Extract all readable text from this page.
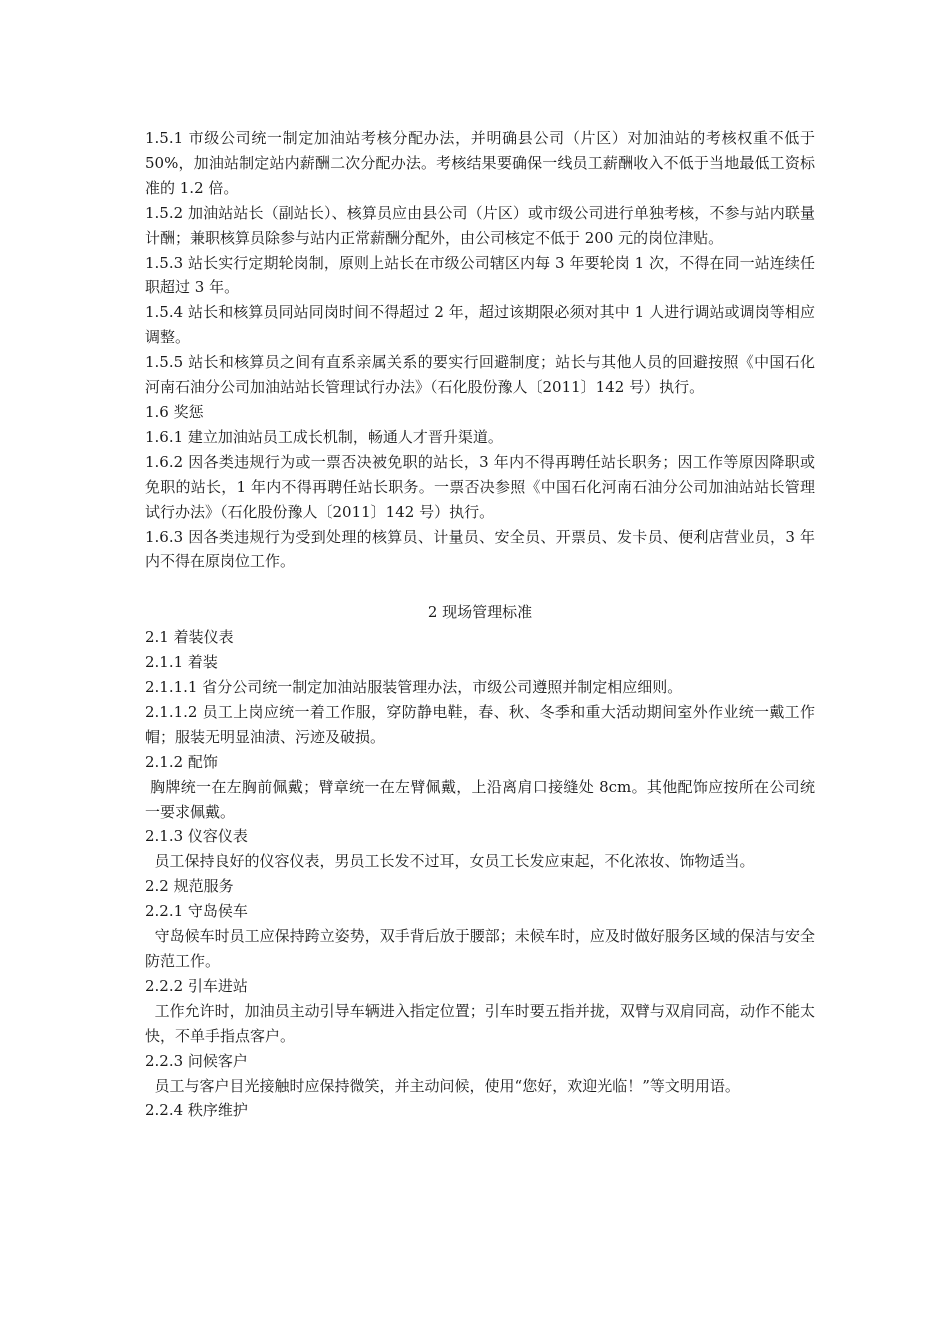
1.5.1 市级公司统一制定加油站考核分配办法，并明确县公司（片区）对加油站的考核权重不低于 50%，加油站制定站内薪酬二次分配办法。考核结果要确保一线员工薪酬收入不低于当地最低工资标准的 1.2 倍。

1.5.2 加油站站长（副站长）、核算员应由县公司（片区）或市级公司进行单独考核，不参与站内联量计酬；兼职核算员除参与站内正常薪酬分配外，由公司核定不低于 200 元的岗位津贴。

1.5.3 站长实行定期轮岗制，原则上站长在市级公司辖区内每 3 年要轮岗 1 次，不得在同一站连续任职超过 3 年。

1.5.4 站长和核算员同站同岗时间不得超过 2 年，超过该期限必须对其中 1 人进行调站或调岗等相应调整。

1.5.5 站长和核算员之间有直系亲属关系的要实行回避制度；站长与其他人员的回避按照《中国石化河南石油分公司加油站站长管理试行办法》（石化股份豫人〔2011〕142 号）执行。

1.6 奖惩

1.6.1 建立加油站员工成长机制，畅通人才晋升渠道。

1.6.2 因各类违规行为或一票否决被免职的站长，3 年内不得再聘任站长职务；因工作等原因降职或免职的站长，1 年内不得再聘任站长职务。一票否决参照《中国石化河南石油分公司加油站站长管理试行办法》（石化股份豫人〔2011〕142 号）执行。

1.6.3 因各类违规行为受到处理的核算员、计量员、安全员、开票员、发卡员、便利店营业员，3 年内不得在原岗位工作。

2 现场管理标准

2.1 着装仪表

2.1.1 着装

2.1.1.1 省分公司统一制定加油站服装管理办法，市级公司遵照并制定相应细则。

2.1.1.2 员工上岗应统一着工作服，穿防静电鞋，春、秋、冬季和重大活动期间室外作业统一戴工作帽；服装无明显油渍、污迹及破损。

2.1.2 配饰

胸牌统一在左胸前佩戴；臂章统一在左臂佩戴，上沿离肩口接缝处 8cm。其他配饰应按所在公司统一要求佩戴。

2.1.3 仪容仪表

员工保持良好的仪容仪表，男员工长发不过耳，女员工长发应束起，不化浓妆、饰物适当。

2.2 规范服务

2.2.1 守岛侯车

守岛候车时员工应保持跨立姿势，双手背后放于腰部；未候车时，应及时做好服务区域的保洁与安全防范工作。

2.2.2 引车进站

工作允许时，加油员主动引导车辆进入指定位置；引车时要五指并拢，双臂与双肩同高，动作不能太快，不单手指点客户。

2.2.3 问候客户

员工与客户目光接触时应保持微笑，并主动问候，使用“您好，欢迎光临！”等文明用语。

2.2.4 秩序维护
